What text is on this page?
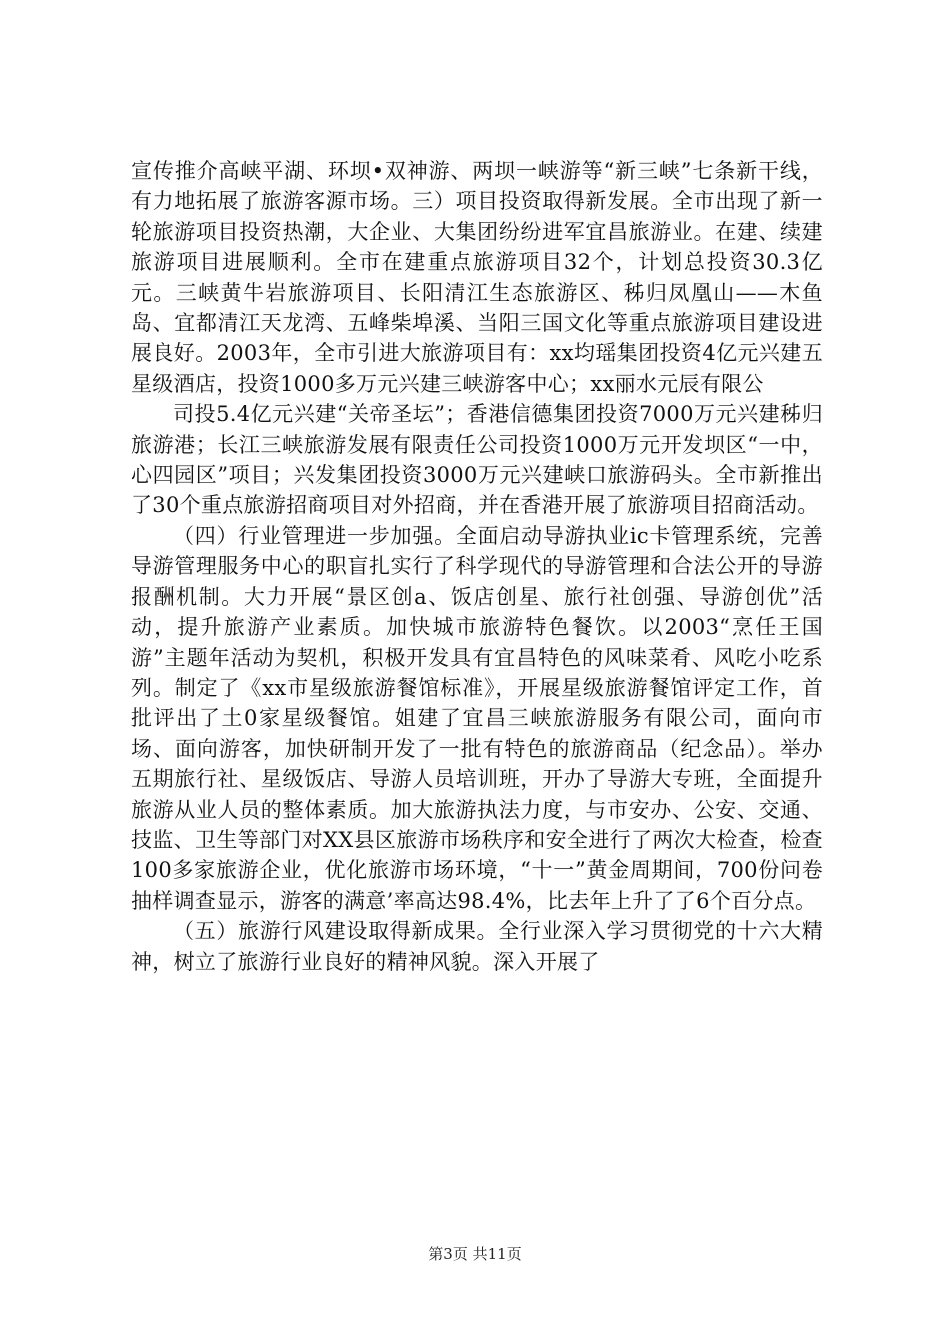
宣传推介高峡平湖、环坝•双神游、两坝一峡游等“新三峡”七条新干线，有力地拓展了旅游客源市场。三）项目投资取得新发展。全市出现了新一轮旅游项目投资热潮，大企业、大集团纷纷进军宜昌旅游业。在建、续建旅游项目进展顺利。全市在建重点旅游项目32个，计划总投资30.3亿元。三峡黄牛岩旅游项目、长阳清江生态旅游区、秭归凤凰山——木鱼岛、宜都清江天龙湾、五峰柴埠溪、当阳三国文化等重点旅游项目建设进展良好。2003年，全市引进大旅游项目有：xx均瑶集团投资4亿元兴建五星级酒店，投资1000多万元兴建三峡游客中心；xx丽水元辰有限公

司投5.4亿元兴建“关帝圣坛”；香港信德集团投资7000万元兴建秭归旅游港；长江三峡旅游发展有限责任公司投资1000万元开发坝区“一中，心四园区”项目；兴发集团投资3000万元兴建峡口旅游码头。全市新推出了30个重点旅游招商项目对外招商，并在香港开展了旅游项目招商活动。

（四）行业管理进一步加强。全面启动导游执业ic卡管理系统，完善导游管理服务中心的职盲扎实行了科学现代的导游管理和合法公开的导游报酬机制。大力开展“景区创a、饭店创星、旅行社创强、导游创优”活动，提升旅游产业素质。加快城市旅游特色餐饮。以2003“烹任王国游”主题年活动为契机，积极开发具有宜昌特色的风味菜肴、风吃小吃系列。制定了《xx市星级旅游餐馆标准》，开展星级旅游餐馆评定工作，首批评出了土0家星级餐馆。姐建了宜昌三峡旅游服务有限公司，面向市场、面向游客，加快研制开发了一批有特色的旅游商品（纪念品）。举办五期旅行社、星级饭店、导游人员培训班，开办了导游大专班，全面提升旅游从业人员的整体素质。加大旅游执法力度，与市安办、公安、交通、技监、卫生等部门对XX县区旅游市场秩序和安全进行了两次大检查，检查100多家旅游企业，优化旅游市场环境，“十一”黄金周期间，700份问卷抽样调查显示，游客的满意’率高达98.4%，比去年上升了了6个百分点。

（五）旅游行风建设取得新成果。全行业深入学习贯彻党的十六大精神，树立了旅游行业良好的精神风貌。深入开展了

第3页 共11页
